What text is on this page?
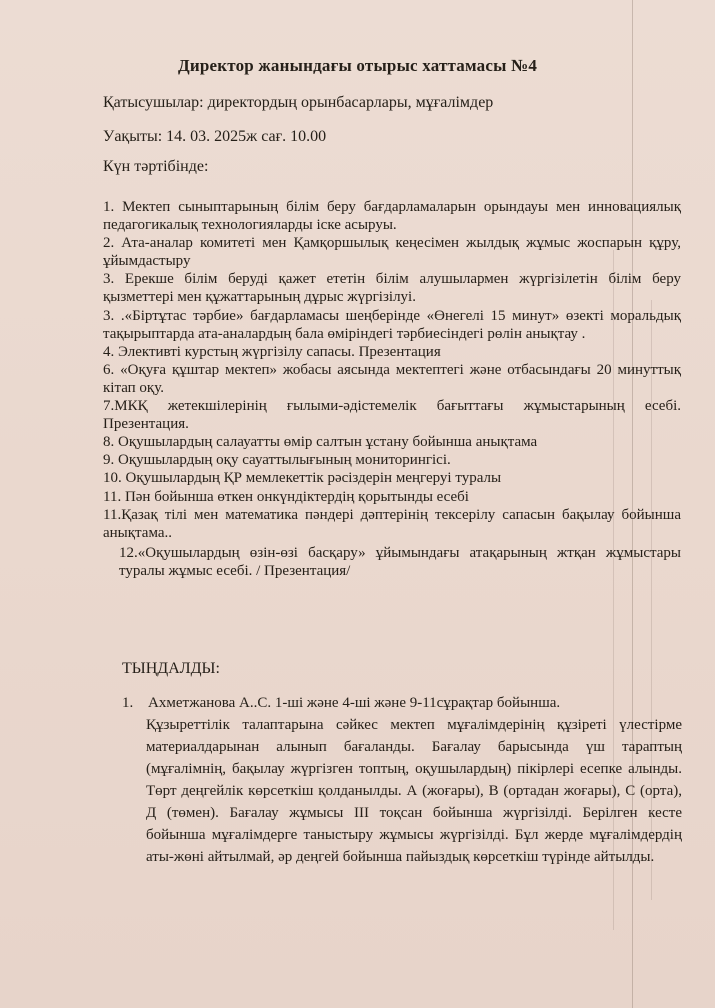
Директор жанындағы отырыс хаттамасы №4
Қатысушылар: директордың орынбасарлары, мұғалімдер
Уақыты: 14. 03. 2025ж сағ. 10.00
Күн тәртібінде:

1. Мектеп сыныптарының білім беру бағдарламаларын орындауы мен инновациялық педагогикалық технологияларды іске асыруы.

2. Ата-аналар комитеті мен Қамқоршылық кеңесімен жылдық жұмыс жоспарын құру, ұйымдастыру

3. Ерекше білім беруді қажет ететін білім алушылармен жүргізілетін білім беру қызметтері мен құжаттарының дұрыс жүргізілуі.

3. .«Біртұтас тәрбие» бағдарламасы шеңберінде «Өнегелі 15 минут» өзекті моральдық тақырыптарда ата-аналардың бала өміріндегі тәрбиесіндегі рөлін анықтау .

4. Элективті курстың жүргізілу сапасы. Презентация

6. «Оқуға құштар мектеп» жобасы аясында мектептегі және отбасындағы 20 минуттық кітап оқу.

7.МКҚ жетекшілерінің ғылыми-әдістемелік бағыттағы жұмыстарының есебі. Презентация.

8. Оқушылардың салауатты өмір салтын ұстану бойынша анықтама

9. Оқушылардың оқу сауаттылығының мониторингісі.

10. Оқушылардың ҚР мемлекеттік рәсіздерін меңгеруі туралы

11. Пән бойынша өткен онкүндіктердің қорытынды есебі

11.Қазақ тілі мен математика пәндері дәптерінің тексерілу сапасын бақылау бойынша анықтама..

12.«Оқушылардың өзін-өзі басқару» ұйымындағы атақарының жтқан жұмыстары туралы жұмыс есебі. / Презентация/

ТЫҢДАЛДЫ:
1. Ахметжанова А..С. 1-ші және 4-ші және 9-11сұрақтар бойынша.
Құзыреттілік талаптарына сәйкес мектеп мұғалімдерінің құзіреті үлестірме материалдарынан алынып бағаланды. Бағалау барысында үш тараптың (мұғалімнің, бақылау жүргізген топтың, оқушылардың) пікірлері есепке алынды. Төрт деңгейлік көрсеткіш қолданылды. А (жоғары), В (ортадан жоғары), С (орта), Д (төмен). Бағалау жұмысы III тоқсан бойынша жүргізілді. Берілген кесте бойынша мұғалімдерге таныстыру жұмысы жүргізілді. Бұл жерде мұғалімдердің аты-жөні айтылмай, әр деңгей бойынша пайыздық көрсеткіш түрінде айтылды.
